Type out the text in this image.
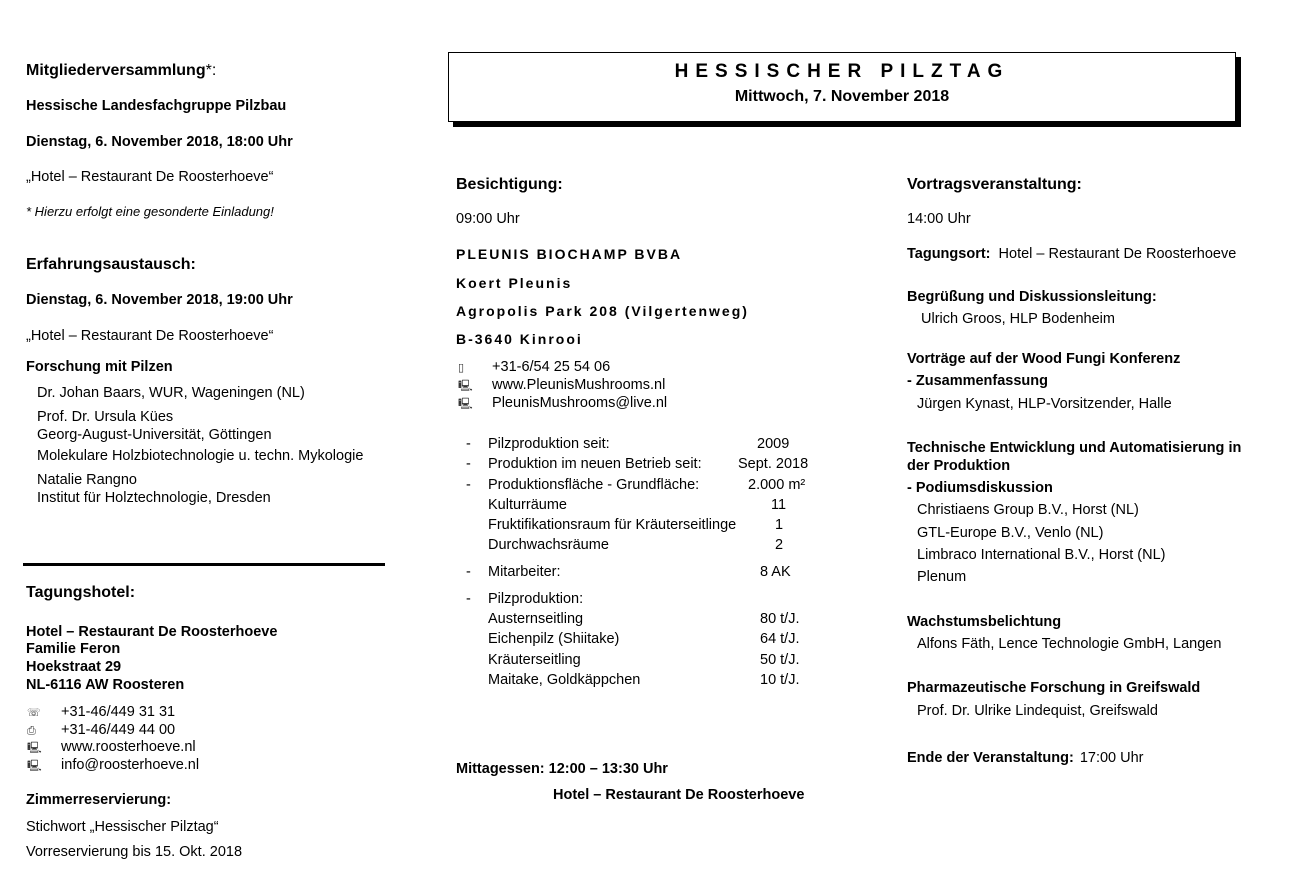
Mitgliederversammlung*:
Hessische Landesfachgruppe Pilzbau
Dienstag, 6. November 2018, 18:00 Uhr
„Hotel – Restaurant De Roosterhoeve“
* Hierzu erfolgt eine gesonderte Einladung!
Erfahrungsaustausch:
Dienstag, 6. November 2018, 19:00 Uhr
„Hotel – Restaurant De Roosterhoeve“
Forschung mit Pilzen
Dr. Johan Baars, WUR, Wageningen (NL)
Prof. Dr. Ursula Kües
Georg-August-Universität, Göttingen
Molekulare Holzbiotechnologie u. techn. Mykologie
Natalie Rangno
Institut für Holztechnologie, Dresden
Tagungshotel:
Hotel – Restaurant De Roosterhoeve
Familie Feron
Hoekstraat 29
NL-6116 AW Roosteren
☏ +31-46/449 31 31
⎙ +31-46/449 44 00
🖳 www.roosterhoeve.nl
🖳 info@roosterhoeve.nl
Zimmerreservierung:
Stichwort „Hessischer Pilztag“
Vorreservierung bis 15. Okt. 2018
HESSISCHER PILZTAG
Mittwoch, 7. November 2018
Besichtigung:
09:00 Uhr
PLEUNIS BIOCHAMP BVBA
Koert Pleunis
Agropolis Park 208 (Vilgertenweg)
B-3640 Kinrooi
▯ +31-6/54 25 54 06
🖳 www.PleunisMushrooms.nl
🖳 PleunisMushrooms@live.nl
- Pilzproduktion seit:	2009
- Produktion im neuen Betrieb seit:	Sept. 2018
- Produktionsfläche - Grundfläche:	2.000 m²
Kulturräume	11
Fruktifikationsraum für Kräuterseitlinge	1
Durchwachsräume	2
- Mitarbeiter:	8 AK
- Pilzproduktion:
Austernseitling	80 t/J.
Eichenpilz (Shiitake)	64 t/J.
Kräuterseitling	50 t/J.
Maitake, Goldkäppchen	10 t/J.
Mittagessen: 12:00 – 13:30 Uhr
Hotel – Restaurant De Roosterhoeve
Vortragsveranstaltung:
14:00 Uhr
Tagungsort: Hotel – Restaurant De Roosterhoeve
Begrüßung und Diskussionsleitung:
Ulrich Groos, HLP Bodenheim
Vorträge auf der Wood Fungi Konferenz
- Zusammenfassung
Jürgen Kynast, HLP-Vorsitzender, Halle
Technische Entwicklung und Automatisierung in
der Produktion
- Podiumsdiskussion
Christiaens Group B.V., Horst (NL)
GTL-Europe B.V., Venlo (NL)
Limbraco International B.V., Horst (NL)
Plenum
Wachstumsbelichtung
Alfons Fäth, Lence Technologie GmbH, Langen
Pharmazeutische Forschung in Greifswald
Prof. Dr. Ulrike Lindequist, Greifswald
Ende der Veranstaltung: 17:00 Uhr
